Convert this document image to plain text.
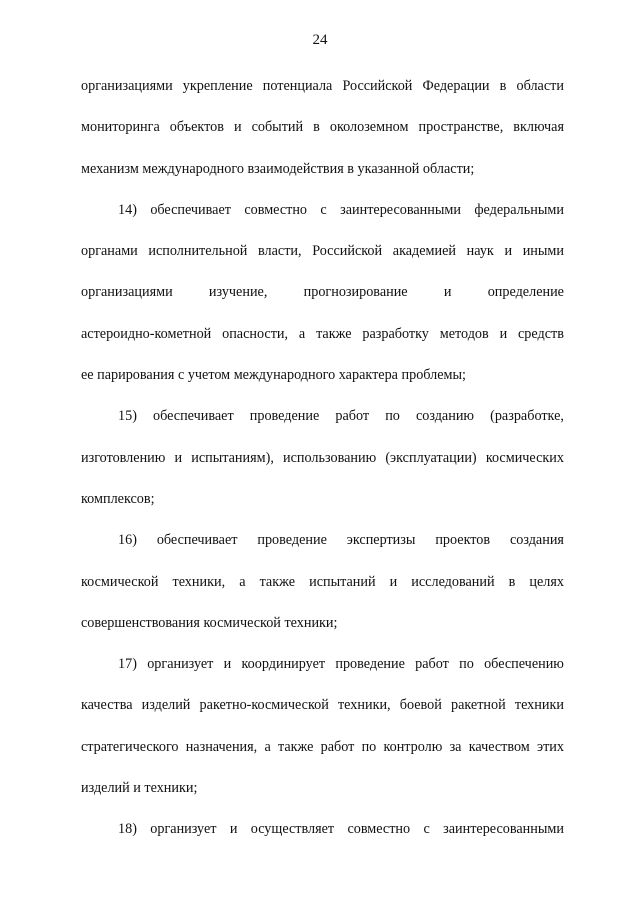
24
организациями укрепление потенциала Российской Федерации в области
мониторинга объектов и событий в околоземном пространстве, включая
механизм международного взаимодействия в указанной области;
14) обеспечивает совместно с заинтересованными федеральными
органами исполнительной власти, Российской академией наук и иными
организациями	изучение,	прогнозирование	и	определение
астероидно-кометной опасности, а также разработку методов и средств
ее парирования с учетом международного характера проблемы;
15) обеспечивает проведение работ по созданию (разработке,
изготовлению и испытаниям), использованию (эксплуатации) космических
комплексов;
16) обеспечивает проведение экспертизы проектов создания
космической техники, а также испытаний и исследований в целях
совершенствования космической техники;
17) организует и координирует проведение работ по обеспечению
качества изделий ракетно-космической техники, боевой ракетной техники
стратегического назначения, а также работ по контролю за качеством этих
изделий и техники;
18) организует и осуществляет совместно с заинтересованными
